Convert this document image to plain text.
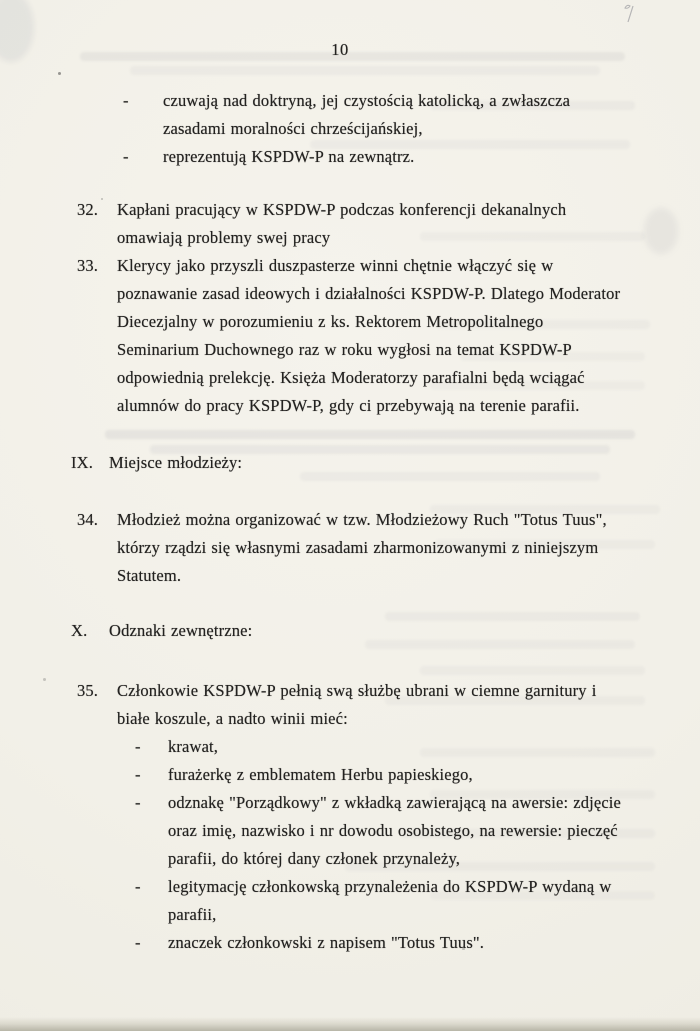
10
- czuwają nad doktryną, jej czystością katolicką, a zwłaszcza
zasadami moralności chrześcijańskiej,
- reprezentują KSPDW-P na zewnątrz.
32.	Kapłani pracujący w KSPDW-P podczas konferencji dekanalnych
omawiają problemy swej pracy
33.	Klerycy jako przyszli duszpasterze winni chętnie włączyć się w
poznawanie zasad ideowych i działalności KSPDW-P. Dlatego Moderator
Diecezjalny w porozumieniu z ks. Rektorem Metropolitalnego
Seminarium Duchownego raz w roku wygłosi na temat KSPDW-P
odpowiednią prelekcję. Księża Moderatorzy parafialni będą wciągać
alumnów do pracy KSPDW-P, gdy ci przebywają na terenie parafii.
IX. Miejsce młodzieży:
34.	Młodzież można organizować w tzw. Młodzieżowy Ruch "Totus Tuus",
którzy rządzi się własnymi zasadami zharmonizowanymi z niniejszym
Statutem.
X. Odznaki zewnętrzne:
35.	Członkowie KSPDW-P pełnią swą służbę ubrani w ciemne garnitury i
białe koszule, a nadto winii mieć:
- krawat,
- furażerkę z emblematem Herbu papieskiego,
- odznakę "Porządkowy" z wkładką zawierającą na awersie: zdjęcie
oraz imię, nazwisko i nr dowodu osobistego, na rewersie: pieczęć
parafii, do której dany członek przynależy,
- legitymację członkowską przynależenia do KSPDW-P wydaną w
parafii,
- znaczek członkowski z napisem "Totus Tuus".
